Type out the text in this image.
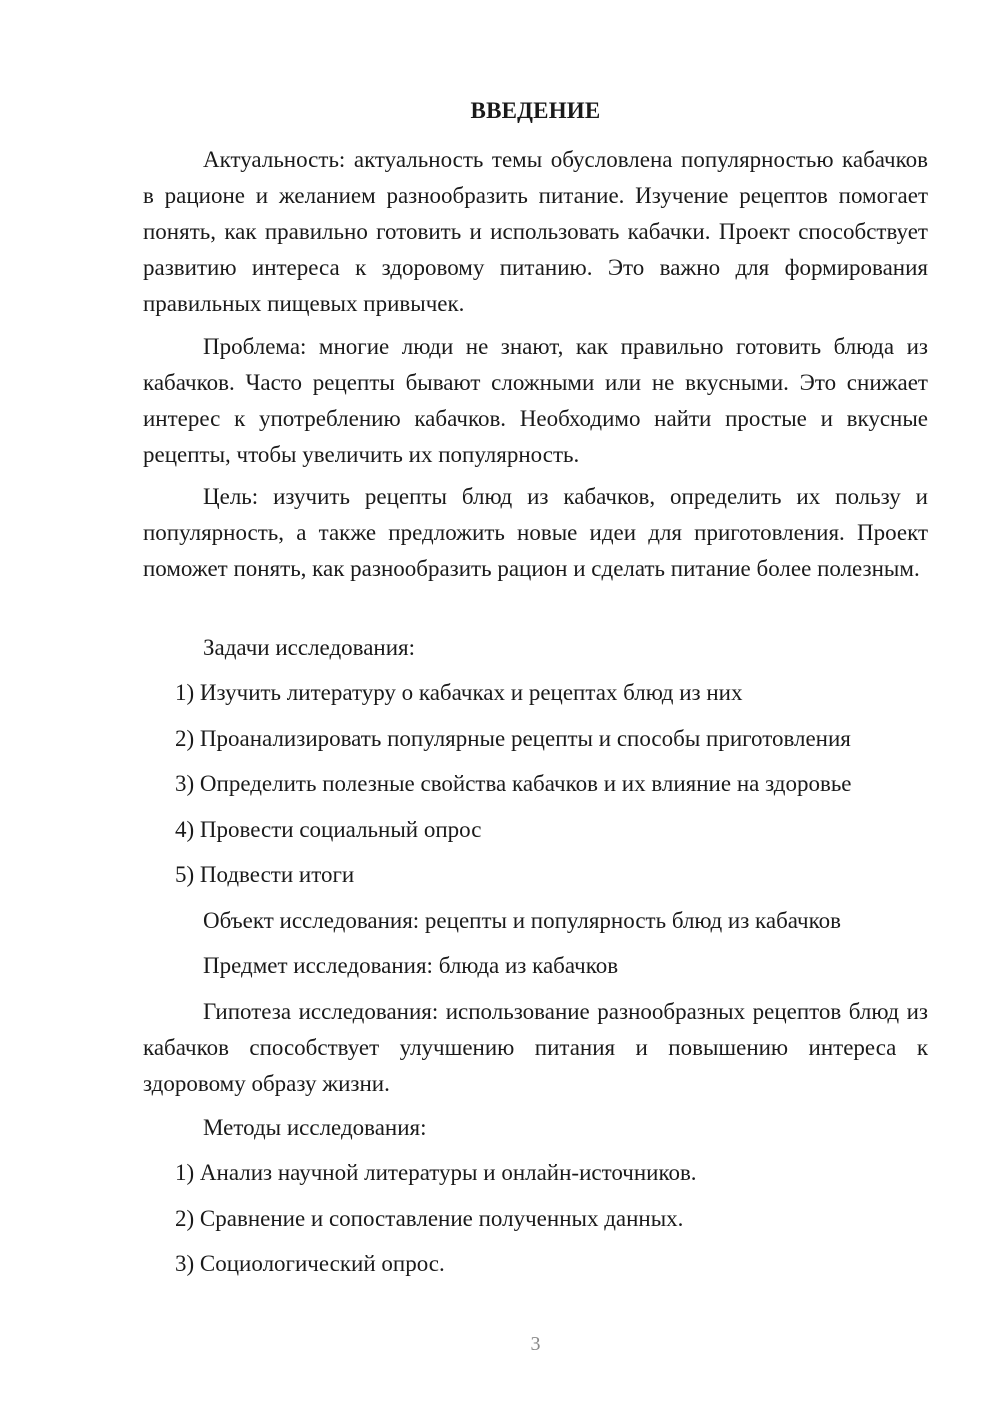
ВВЕДЕНИЕ

Актуальность: актуальность темы обусловлена популярностью кабачков в рационе и желанием разнообразить питание. Изучение рецептов помогает понять, как правильно готовить и использовать кабачки. Проект способствует развитию интереса к здоровому питанию. Это важно для формирования правильных пищевых привычек.

Проблема: многие люди не знают, как правильно готовить блюда из кабачков. Часто рецепты бывают сложными или не вкусными. Это снижает интерес к употреблению кабачков. Необходимо найти простые и вкусные рецепты, чтобы увеличить их популярность.

Цель: изучить рецепты блюд из кабачков, определить их пользу и популярность, а также предложить новые идеи для приготовления. Проект поможет понять, как разнообразить рацион и сделать питание более полезным.

Задачи исследования:

1) Изучить литературу о кабачках и рецептах блюд из них

2) Проанализировать популярные рецепты и способы приготовления

3) Определить полезные свойства кабачков и их влияние на здоровье

4) Провести социальный опрос

5) Подвести итоги

Объект исследования: рецепты и популярность блюд из кабачков

Предмет исследования: блюда из кабачков

Гипотеза исследования: использование разнообразных рецептов блюд из кабачков способствует улучшению питания и повышению интереса к здоровому образу жизни.

Методы исследования:

1) Анализ научной литературы и онлайн-источников.

2) Сравнение и сопоставление полученных данных.

3) Социологический опрос.

3
